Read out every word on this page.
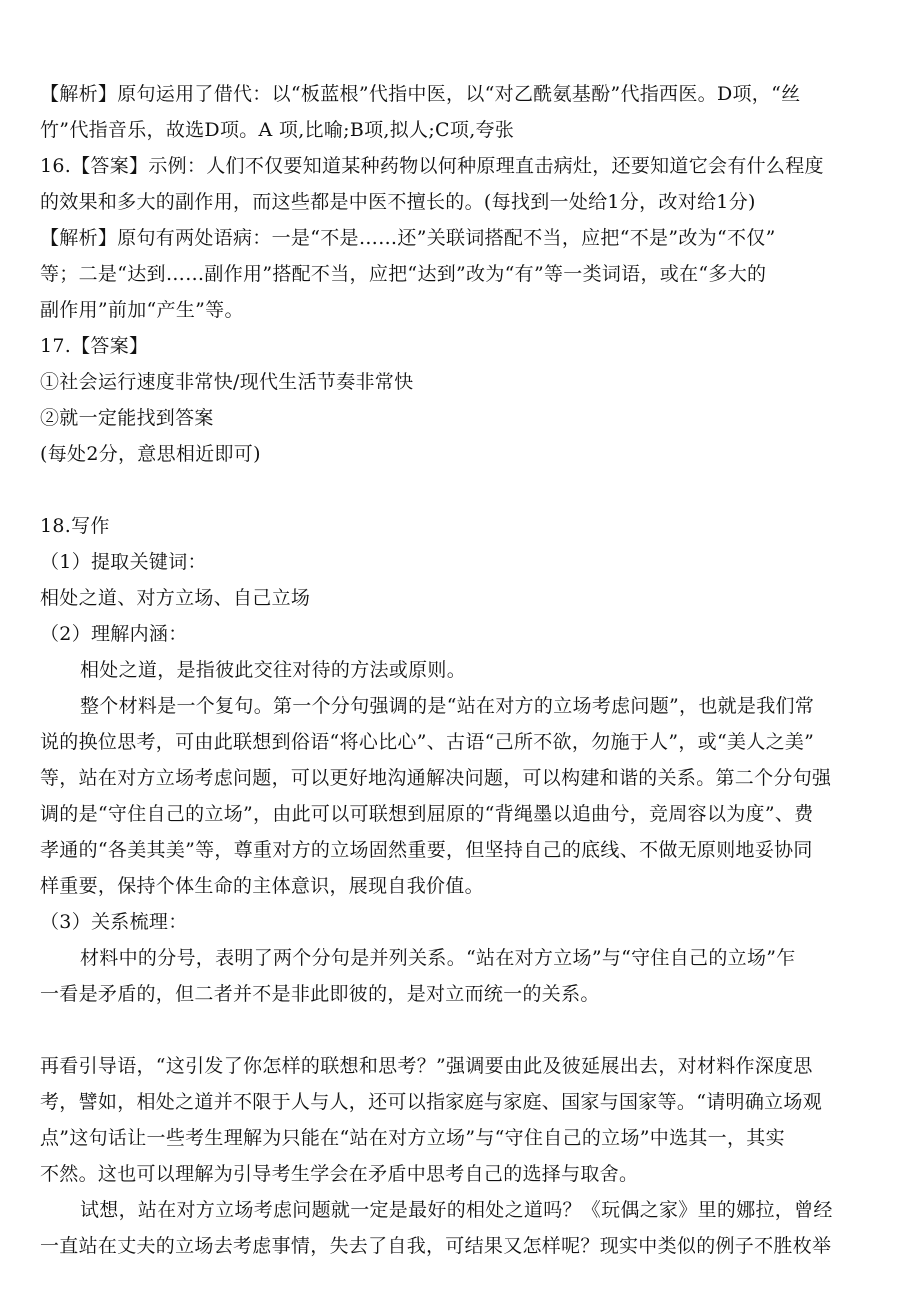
【解析】原句运用了借代：以“板蓝根”代指中医，以“对乙酰氨基酚”代指西医。D项，“丝
竹”代指音乐，故选D项。A 项,比喻;B项,拟人;C项,夸张
16.【答案】示例：人们不仅要知道某种药物以何种原理直击病灶，还要知道它会有什么程度
的效果和多大的副作用，而这些都是中医不擅长的。(每找到一处给1分，改对给1分)
【解析】原句有两处语病：一是“不是……还”关联词搭配不当，应把“不是”改为“不仅”
等；二是“达到……副作用”搭配不当，应把“达到”改为“有”等一类词语，或在“多大的
副作用”前加“产生”等。
17.【答案】
①社会运行速度非常快/现代生活节奏非常快
②就一定能找到答案
(每处2分，意思相近即可)
18.写作
（1）提取关键词：
相处之道、对方立场、自己立场
（2）理解内涵：
相处之道，是指彼此交往对待的方法或原则。
整个材料是一个复句。第一个分句强调的是“站在对方的立场考虑问题”，也就是我们常
说的换位思考，可由此联想到俗语“将心比心”、古语“己所不欲，勿施于人”，或“美人之美”
等，站在对方立场考虑问题，可以更好地沟通解决问题，可以构建和谐的关系。第二个分句强
调的是“守住自己的立场”，由此可以可联想到屈原的“背绳墨以追曲兮，竞周容以为度”、费
孝通的“各美其美”等，尊重对方的立场固然重要，但坚持自己的底线、不做无原则地妥协同
样重要，保持个体生命的主体意识，展现自我价值。
（3）关系梳理：
材料中的分号，表明了两个分句是并列关系。“站在对方立场”与“守住自己的立场”乍
一看是矛盾的，但二者并不是非此即彼的，是对立而统一的关系。
再看引导语，“这引发了你怎样的联想和思考？”强调要由此及彼延展出去，对材料作深度思
考，譬如，相处之道并不限于人与人，还可以指家庭与家庭、国家与国家等。“请明确立场观
点”这句话让一些考生理解为只能在“站在对方立场”与“守住自己的立场”中选其一，其实
不然。这也可以理解为引导考生学会在矛盾中思考自己的选择与取舍。
试想，站在对方立场考虑问题就一定是最好的相处之道吗？《玩偶之家》里的娜拉，曾经
一直站在丈夫的立场去考虑事情，失去了自我，可结果又怎样呢？现实中类似的例子不胜枚举
